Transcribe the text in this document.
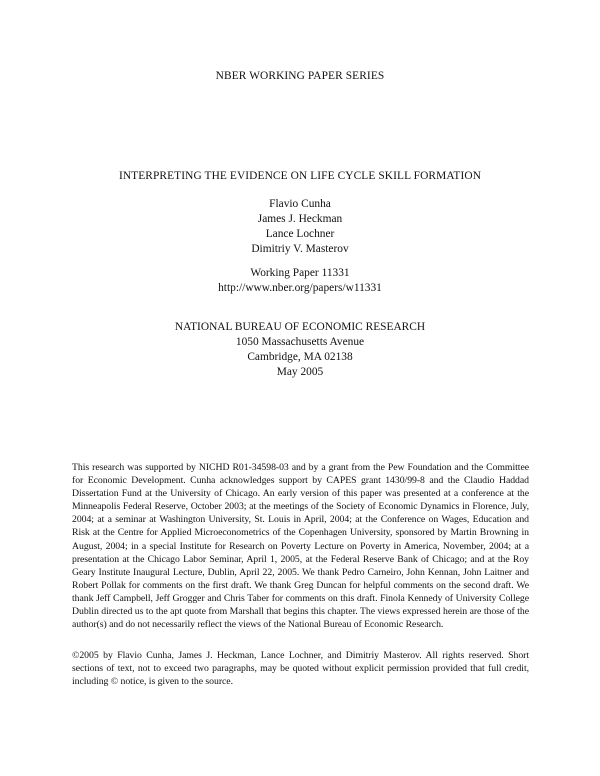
NBER WORKING PAPER SERIES
INTERPRETING THE EVIDENCE ON LIFE CYCLE SKILL FORMATION
Flavio Cunha
James J. Heckman
Lance Lochner
Dimitriy V. Masterov
Working Paper 11331
http://www.nber.org/papers/w11331
NATIONAL BUREAU OF ECONOMIC RESEARCH
1050 Massachusetts Avenue
Cambridge, MA 02138
May 2005
This research was supported by NICHD R01-34598-03 and by a grant from the Pew Foundation and the Committee for Economic Development. Cunha acknowledges support by CAPES grant 1430/99-8 and the Claudio Haddad Dissertation Fund at the University of Chicago. An early version of this paper was presented at a conference at the Minneapolis Federal Reserve, October 2003; at the meetings of the Society of Economic Dynamics in Florence, July, 2004; at a seminar at Washington University, St. Louis in April, 2004; at the Conference on Wages, Education and Risk at the Centre for Applied Microeconometrics of the Copenhagen University, sponsored by Martin Browning in August, 2004; in a special Institute for Research on Poverty Lecture on Poverty in America, November, 2004; at a presentation at the Chicago Labor Seminar, April 1, 2005, at the Federal Reserve Bank of Chicago; and at the Roy Geary Institute Inaugural Lecture, Dublin, April 22, 2005. We thank Pedro Carneiro, John Kennan, John Laitner and Robert Pollak for comments on the first draft. We thank Greg Duncan for helpful comments on the second draft. We thank Jeff Campbell, Jeff Grogger and Chris Taber for comments on this draft. Finola Kennedy of University College Dublin directed us to the apt quote from Marshall that begins this chapter. The views expressed herein are those of the author(s) and do not necessarily reflect the views of the National Bureau of Economic Research.
©2005 by Flavio Cunha, James J. Heckman, Lance Lochner, and Dimitriy Masterov. All rights reserved. Short sections of text, not to exceed two paragraphs, may be quoted without explicit permission provided that full credit, including © notice, is given to the source.
